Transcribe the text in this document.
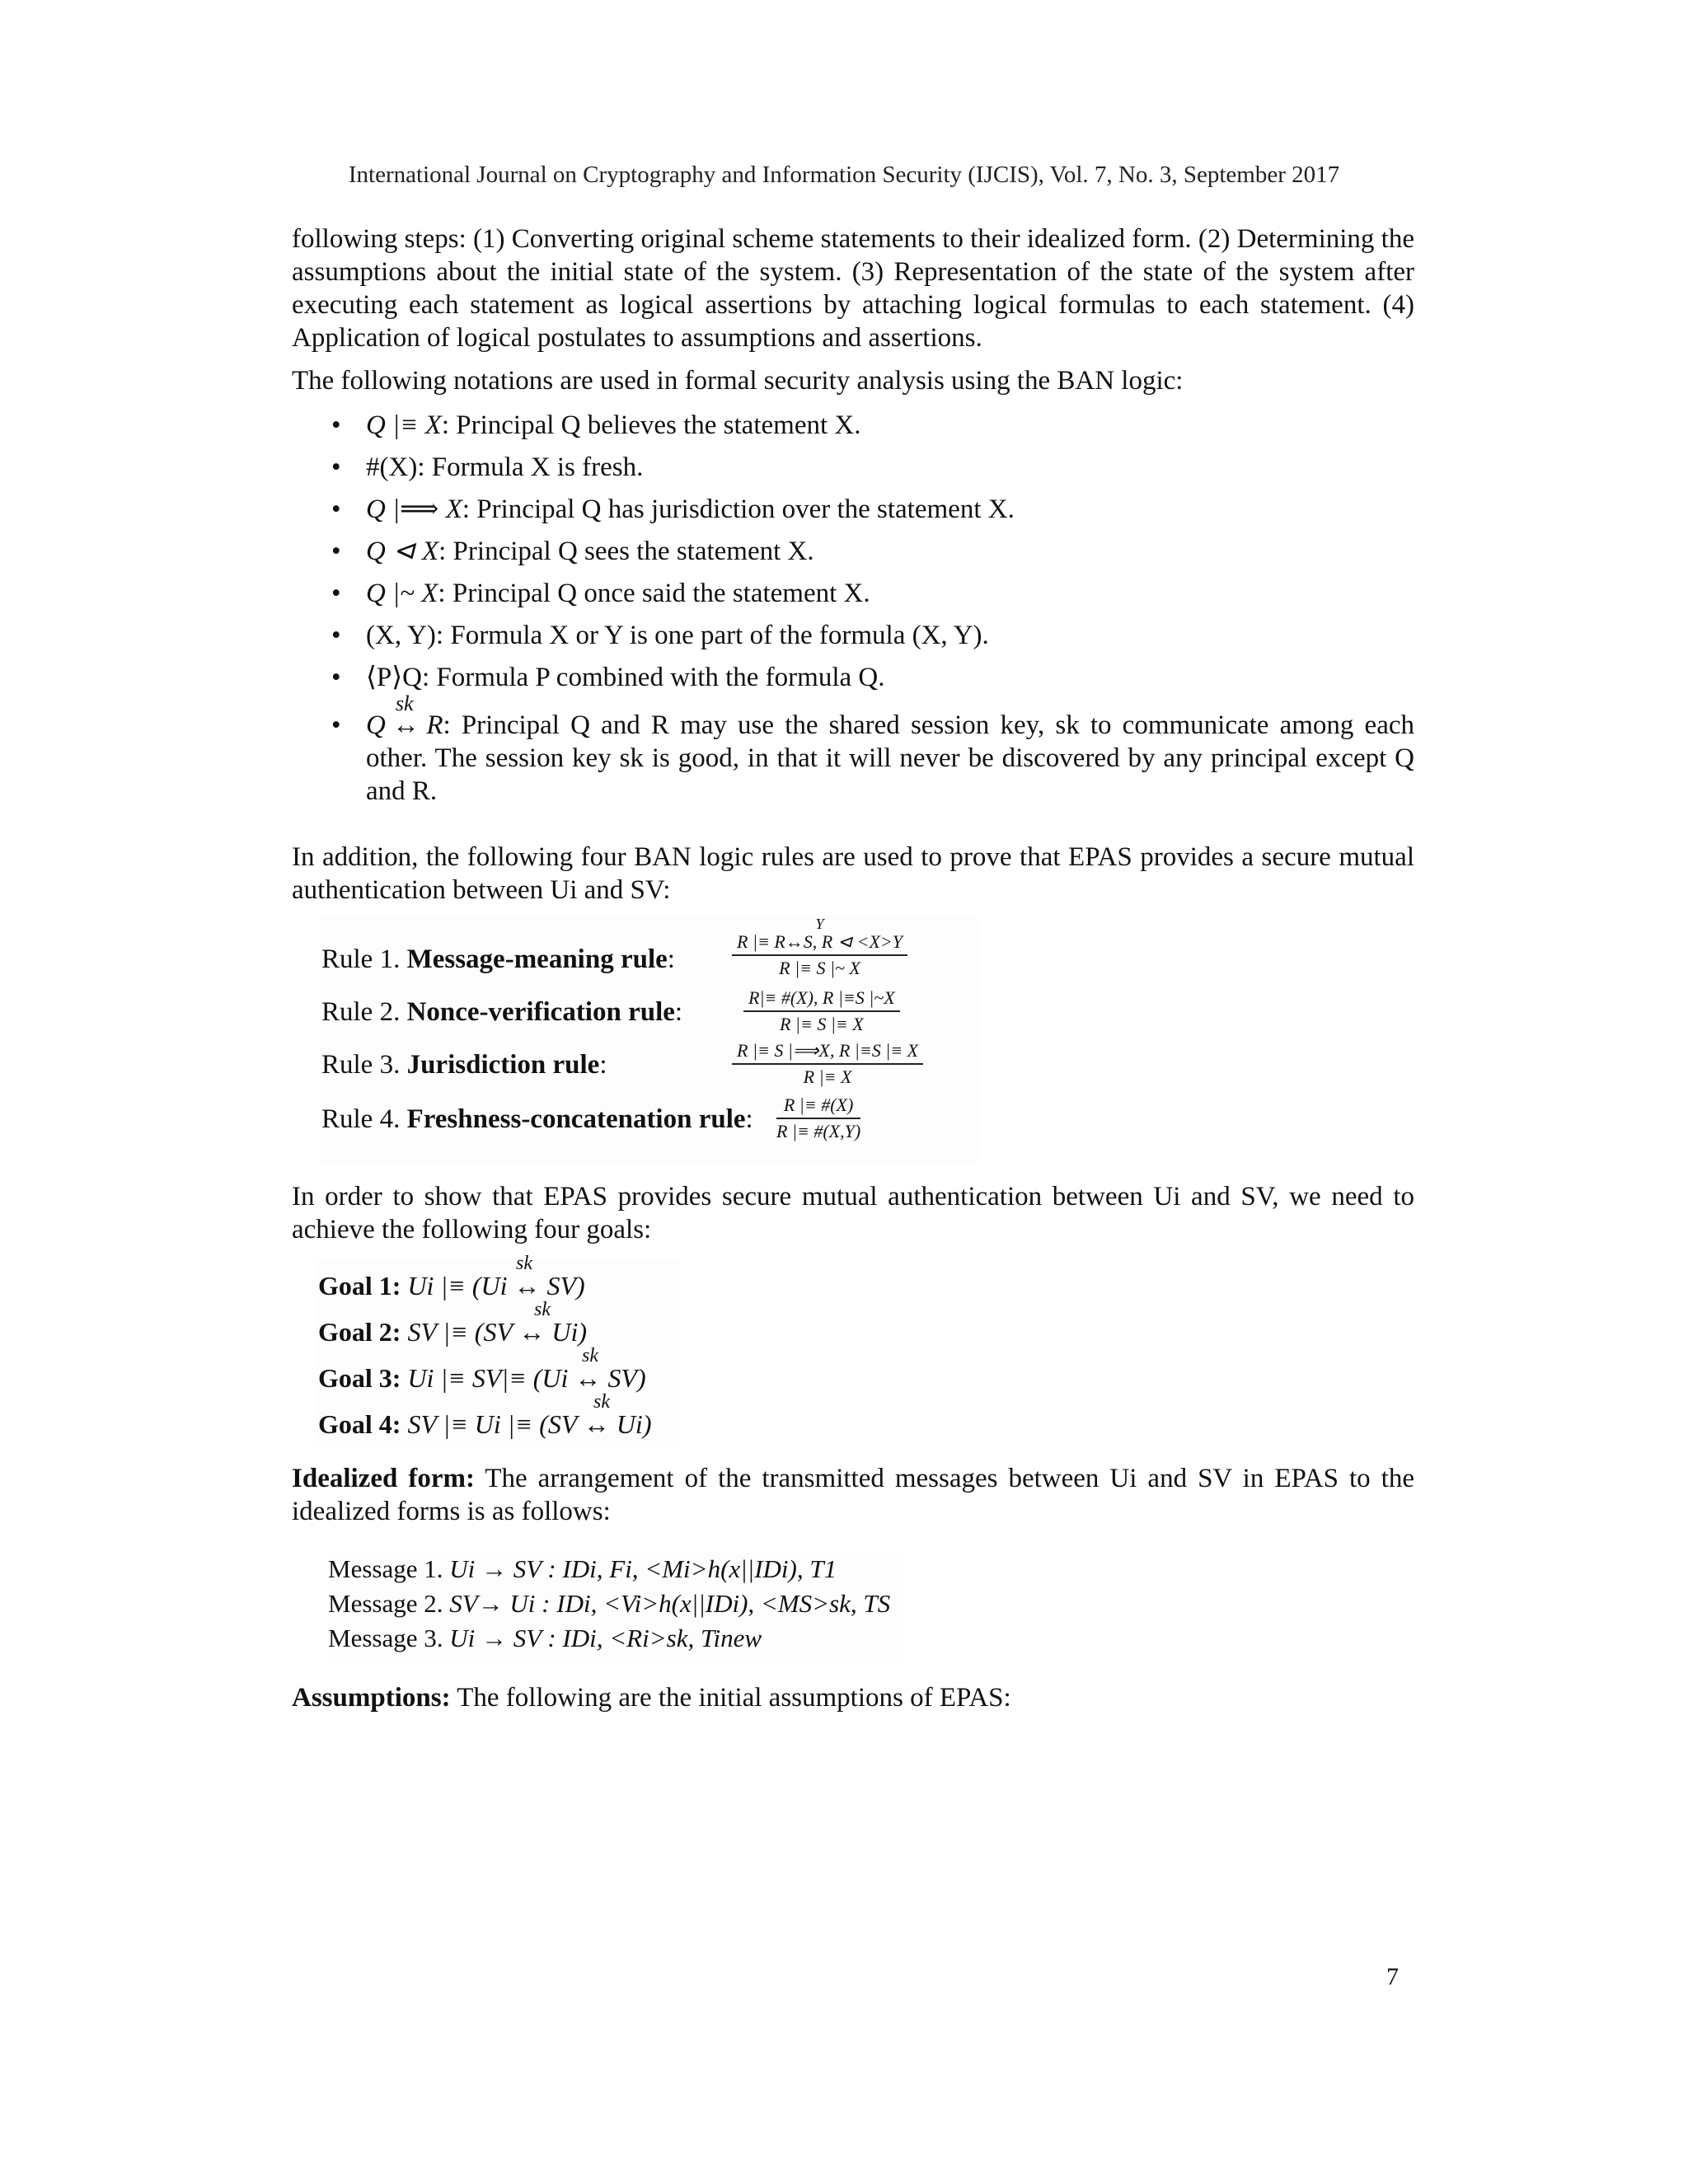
International Journal on Cryptography and Information Security (IJCIS), Vol. 7, No. 3, September 2017
following steps: (1) Converting original scheme statements to their idealized form. (2) Determining the assumptions about the initial state of the system. (3) Representation of the state of the system after executing each statement as logical assertions by attaching logical formulas to each statement. (4) Application of logical postulates to assumptions and assertions.
The following notations are used in formal security analysis using the BAN logic:
• Q |≡ X: Principal Q believes the statement X.
• #(X): Formula X is fresh.
• Q |⟹ X: Principal Q has jurisdiction over the statement X.
• Q ⊲ X: Principal Q sees the statement X.
• Q |~ X: Principal Q once said the statement X.
• (X, Y): Formula X or Y is one part of the formula (X, Y).
• ⟨P⟩Q: Formula P combined with the formula Q.
•
sk
Q ↔ R: Principal Q and R may use the shared session key, sk to communicate among each other. The session key sk is good, in that it will never be discovered by any principal except Q and R.
In addition, the following four BAN logic rules are used to prove that EPAS provides a secure mutual authentication between Ui and SV:
Rule 1. Message-meaning rule:
Y
R |≡ R↔S, R ⊲ <X>Y
R |≡ S |~ X
Rule 2. Nonce-verification rule:	$\frac{R|\equiv \#(X), R |\equiv S |\sim X}{R |\equiv S |\equiv X}$
Rule 3. Jurisdiction rule:	$\frac{R |\equiv S |⟹X, R |\equiv S |\equiv X}{R |\equiv X}$
Rule 4. Freshness-concatenation rule: $\frac{R |\equiv \#(X)}{R |\equiv \#(X,Y)}$
In order to show that EPAS provides secure mutual authentication between Ui and SV, we need to achieve the following four goals:
Goal 1: Ui |≡ (Ui ↔ SV)
sk
Goal 2: SV |≡ (SV ↔ Ui)
sk
Goal 3: Ui |≡ SV|≡ (Ui ↔ SV)
sk
Goal 4: SV |≡ Ui |≡ (SV ↔ Ui)
sk
Idealized form: The arrangement of the transmitted messages between Ui and SV in EPAS to the idealized forms is as follows:
Message 1. Ui → SV : IDi, Fi, <Mi>h(x||IDi), T1
Message 2. SV→ Ui : IDi, <Vi>h(x||IDi), <MS>sk, TS
Message 3. Ui → SV : IDi, <Ri>sk, Tinew
Assumptions: The following are the initial assumptions of EPAS:
7
